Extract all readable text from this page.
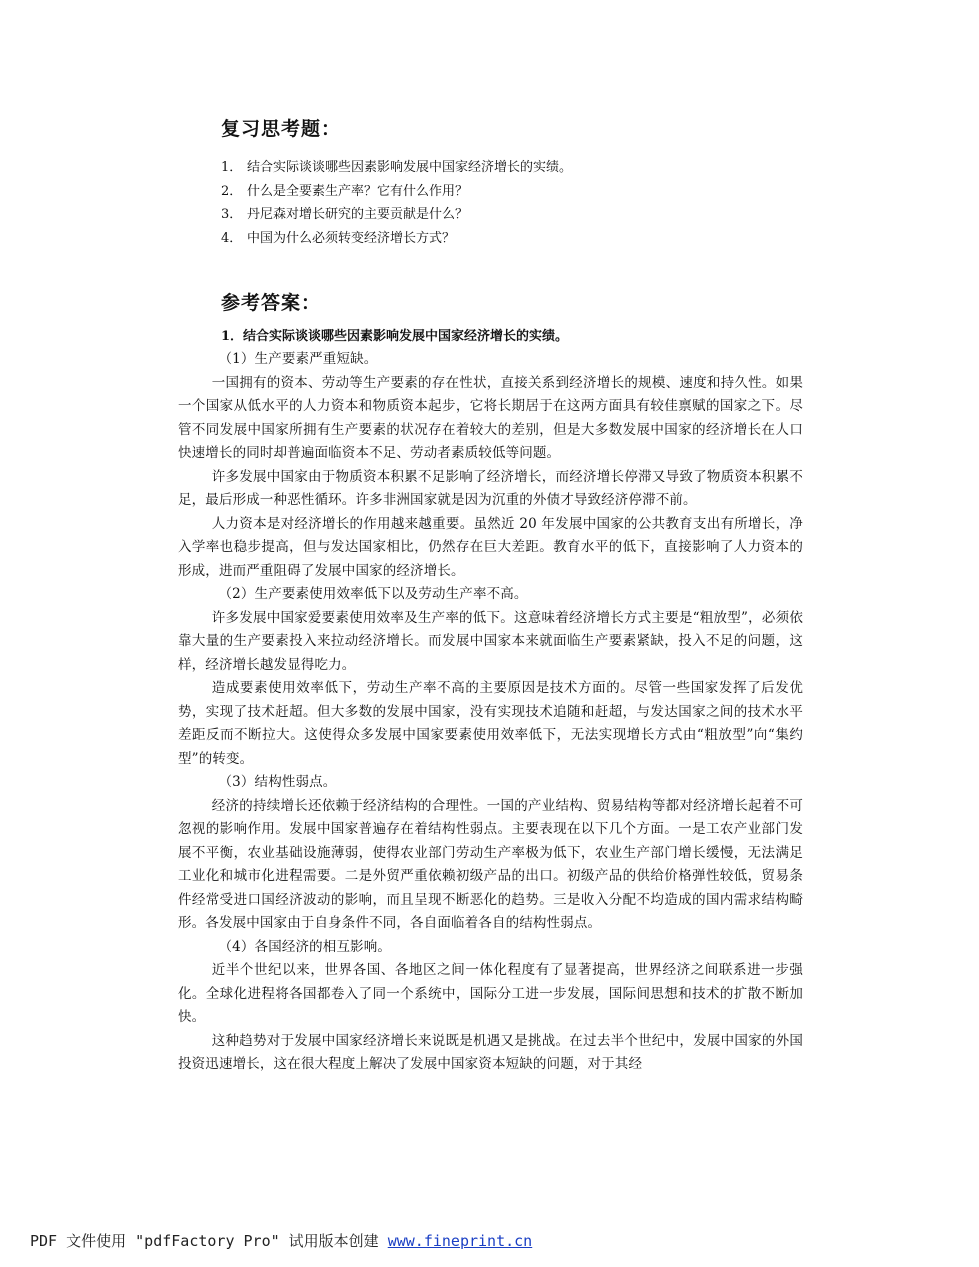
复习思考题：
1． 结合实际谈谈哪些因素影响发展中国家经济增长的实绩。
2． 什么是全要素生产率？它有什么作用？
3． 丹尼森对增长研究的主要贡献是什么？
4． 中国为什么必须转变经济增长方式？
参考答案：
1．结合实际谈谈哪些因素影响发展中国家经济增长的实绩。

（1）生产要素严重短缺。

一国拥有的资本、劳动等生产要素的存在性状，直接关系到经济增长的规模、速度和持久性。如果一个国家从低水平的人力资本和物质资本起步，它将长期居于在这两方面具有较佳禀赋的国家之下。尽管不同发展中国家所拥有生产要素的状况存在着较大的差别，但是大多数发展中国家的经济增长在人口快速增长的同时却普遍面临资本不足、劳动者素质较低等问题。

许多发展中国家由于物质资本积累不足影响了经济增长，而经济增长停滞又导致了物质资本积累不足，最后形成一种恶性循环。许多非洲国家就是因为沉重的外债才导致经济停滞不前。

人力资本是对经济增长的作用越来越重要。虽然近 20 年发展中国家的公共教育支出有所增长，净入学率也稳步提高，但与发达国家相比，仍然存在巨大差距。教育水平的低下，直接影响了人力资本的形成，进而严重阻碍了发展中国家的经济增长。

（2）生产要素使用效率低下以及劳动生产率不高。

许多发展中国家爱要素使用效率及生产率的低下。这意味着经济增长方式主要是“粗放型”，必须依靠大量的生产要素投入来拉动经济增长。而发展中国家本来就面临生产要素紧缺，投入不足的问题，这样，经济增长越发显得吃力。

造成要素使用效率低下，劳动生产率不高的主要原因是技术方面的。尽管一些国家发挥了后发优势，实现了技术赶超。但大多数的发展中国家，没有实现技术追随和赶超，与发达国家之间的技术水平差距反而不断拉大。这使得众多发展中国家要素使用效率低下，无法实现增长方式由“粗放型”向“集约型”的转变。

（3）结构性弱点。

经济的持续增长还依赖于经济结构的合理性。一国的产业结构、贸易结构等都对经济增长起着不可忽视的影响作用。发展中国家普遍存在着结构性弱点。主要表现在以下几个方面。一是工农产业部门发展不平衡，农业基础设施薄弱，使得农业部门劳动生产率极为低下，农业生产部门增长缓慢，无法满足工业化和城市化进程需要。二是外贸严重依赖初级产品的出口。初级产品的供给价格弹性较低，贸易条件经常受进口国经济波动的影响，而且呈现不断恶化的趋势。三是收入分配不均造成的国内需求结构畸形。各发展中国家由于自身条件不同，各自面临着各自的结构性弱点。

（4）各国经济的相互影响。

近半个世纪以来，世界各国、各地区之间一体化程度有了显著提高，世界经济之间联系进一步强化。全球化进程将各国都卷入了同一个系统中，国际分工进一步发展，国际间思想和技术的扩散不断加快。

这种趋势对于发展中国家经济增长来说既是机遇又是挑战。在过去半个世纪中，发展中国家的外国投资迅速增长，这在很大程度上解决了发展中国家资本短缺的问题，对于其经

PDF 文件使用 "pdfFactory Pro" 试用版本创建 www.fineprint.cn
